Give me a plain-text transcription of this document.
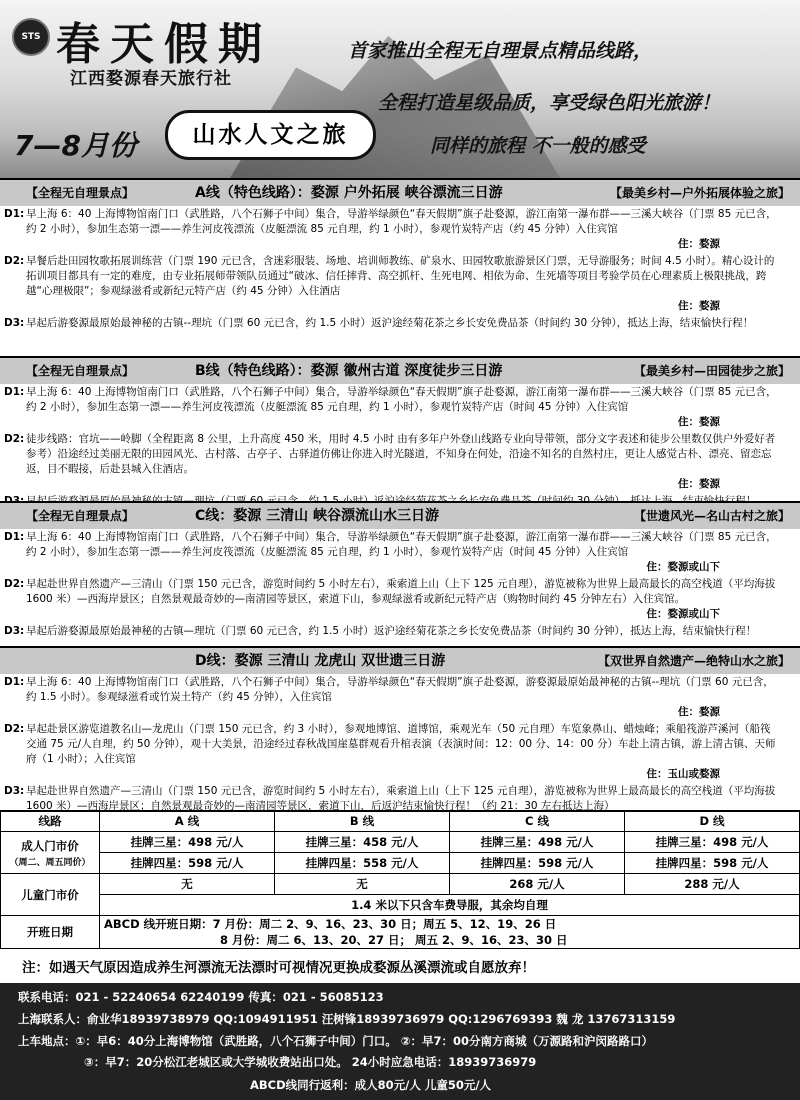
STS 春天假期
江西婺源春天旅行社
首家推出全程无自理景点精品线路，
全程打造星级品质，享受绿色阳光旅游！
7—8月份	山水人文之旅	同样的旅程 不一般的感受
【全程无自理景点】	A线（特色线路）：婺源 户外拓展 峡谷漂流三日游	【最美乡村—户外拓展体验之旅】
D1: 早上海 6：40 上海博物馆南门口（武胜路，八个石狮子中间）集合，导游举绿颜色“春天假期”旗子赴婺源，游江南第一瀑布群——三溪大峡谷（门票 85 元已含，约 2 小时），参加生态第一漂——养生河皮筏漂流（皮艇漂流 85 元自理，约 1 小时），参观竹炭特产店（约 45 分钟）入住宾馆
住：婺源
D2: 早餐后赴田园牧歌拓展训练营（门票 190 元已含，含迷彩服装、场地、培训师教练、矿泉水、田园牧歌旅游景区门票，无导游服务；时间 4.5 小时）。精心设计的拓训项目都具有一定的难度，由专业拓展师带领队员通过“破冰、信任摔背、高空抓杆、生死电网、相依为命、生死墙等项目考验学员在心理素质上极限挑战，跨越“心理极限”；参观绿滋肴或新纪元特产店（约 45 分钟）入住酒店
住：婺源
D3: 早起后游婺源最原始最神秘的古镇--理坑（门票 60 元已含，约 1.5 小时）返沪途经菊花茶之乡长安免费品茶（时间约 30 分钟），抵达上海，结束愉快行程！
【全程无自理景点】	B线（特色线路）：婺源 徽州古道 深度徒步三日游	【最美乡村—田园徒步之旅】
D1: 早上海 6：40 上海博物馆南门口（武胜路，八个石狮子中间）集合，导游举绿颜色“春天假期”旗子赴婺源，游江南第一瀑布群——三溪大峡谷（门票 85 元已含，约 2 小时），参加生态第一漂——养生河皮筏漂流（皮艇漂流 85 元自理，约 1 小时），参观竹炭特产店（时间 45 分钟）入住宾馆
住：婺源
D2: 徒步线路：官坑——岭脚（全程距离 8 公里，上升高度 450 米，用时 4.5 小时 由有多年户外登山线路专业向导带领，部分文字表述和徒步公里数仅供户外爱好者参考）沿途经过美丽无限的田园风光、古村落、古亭子、古驿道仿佛让你进入时光隧道，不知身在何处，沿途不知名的自然村庄，更让人感觉古朴、漂亮、留恋忘返，目不暇接，后赴县城入住酒店。
住：婺源
【全程无自理景点】	C线：婺源 三清山 峡谷漂流山水三日游	【世遗风光—名山古村之旅】
D1: 早上海 6：40 上海博物馆南门口（武胜路，八个石狮子中间）集合，导游举绿颜色“春天假期”旗子赴婺源，游江南第一瀑布群——三溪大峡谷（门票 85 元已含，约 2 小时），参加生态第一漂——养生河皮筏漂流（皮艇漂流 85 元自理，约 1 小时），参观竹炭特产店（时间 45 分钟）入住宾馆
住：婺源或山下
D2: 早起赴世界自然遗产—三清山（门票 150 元已含，游览时间约 5 小时左右），乘索道上山（上下 125 元自理），游览被称为世界上最高最长的高空栈道（平均海拔 1600 米）—西海岸景区；自然景观最奇妙的—南清园等景区，索道下山，参观绿滋肴或新纪元特产店（购物时间约 45 分钟左右）入住宾馆。
住：婺源或山下
D3: 早起后游婺源最原始最神秘的古镇—理坑（门票 60 元已含，约 1.5 小时）返沪途经菊花茶之乡长安免费品茶（时间约 30 分钟），抵达上海，结束愉快行程！
D线：婺源 三清山 龙虎山 双世遗三日游	【双世界自然遗产—绝特山水之旅】
D1: 早上海 6：40 上海博物馆南门口（武胜路，八个石狮子中间）集合，导游举绿颜色“春天假期”旗子赴婺源，游婺源最原始最神秘的古镇--理坑（门票 60 元已含，约 1.5 小时）。参观绿滋肴或竹炭土特产（约 45 分钟），入住宾馆
住：婺源
D2: 早起赴景区游览道教名山—龙虎山（门票 150 元已含，约 3 小时），参观地博馆、道博馆，乘观光车（50 元自理）车览象鼻山、蜡烛峰；乘船筏游芦溪河（船筏交通 75 元/人自理，约 50 分钟），观十大美景，沿途经过春秋战国崖墓群观看升棺表演（表演时间：12：00 分、14：00 分）车赴上清古镇，游上清古镇、天师府（1 小时）；入住宾馆
住：玉山或婺源
D3: 早起赴世界自然遗产—三清山（门票 150 元已含，游览时间约 5 小时左右），乘索道上山（上下 125 元自理），游览被称为世界上最高最长的高空栈道（平均海拔 1600 米）—西海岸景区；自然景观最奇妙的—南清园等景区，索道下山，后返沪结束愉快行程！（约 21：30 左右抵达上海）
线路	A 线	B 线	C 线	D 线
成人门市价
（周二、周五同价）	挂牌三星：498 元/人	挂牌三星：458 元/人	挂牌三星：498 元/人	挂牌三星：498 元/人
	挂牌四星：598 元/人	挂牌四星：558 元/人	挂牌四星：598 元/人	挂牌四星：598 元/人
儿童门市价	无	无	268 元/人	288 元/人
	1.4 米以下只含车费导服，其余均自理			
开班日期	ABCD 线开班日期：7 月份：周二 2、9、16、23、30 日；周五 5、12、19、26 日
8 月份：周二 6、13、20、27 日； 周五 2、9、16、23、30 日			
注：如遇天气原因造成养生河漂流无法漂时可视情况更换成婺源丛溪漂流或自愿放弃！
联系电话：021 - 52240654 62240199 传真：021 - 56085123
上海联系人：俞业华18939738979 QQ:1094911951 汪树锋18939736979 QQ:1296769393 魏 龙 13767313159
上车地点：①：早6：40分上海博物馆（武胜路，八个石狮子中间）门口。 ②：早7：00分南方商城（万源路和沪闵路路口）
③：早7：20分松江老城区或大学城收费站出口处。 24小时应急电话：18939736979
ABCD线同行返利：成人80元/人 儿童50元/人
